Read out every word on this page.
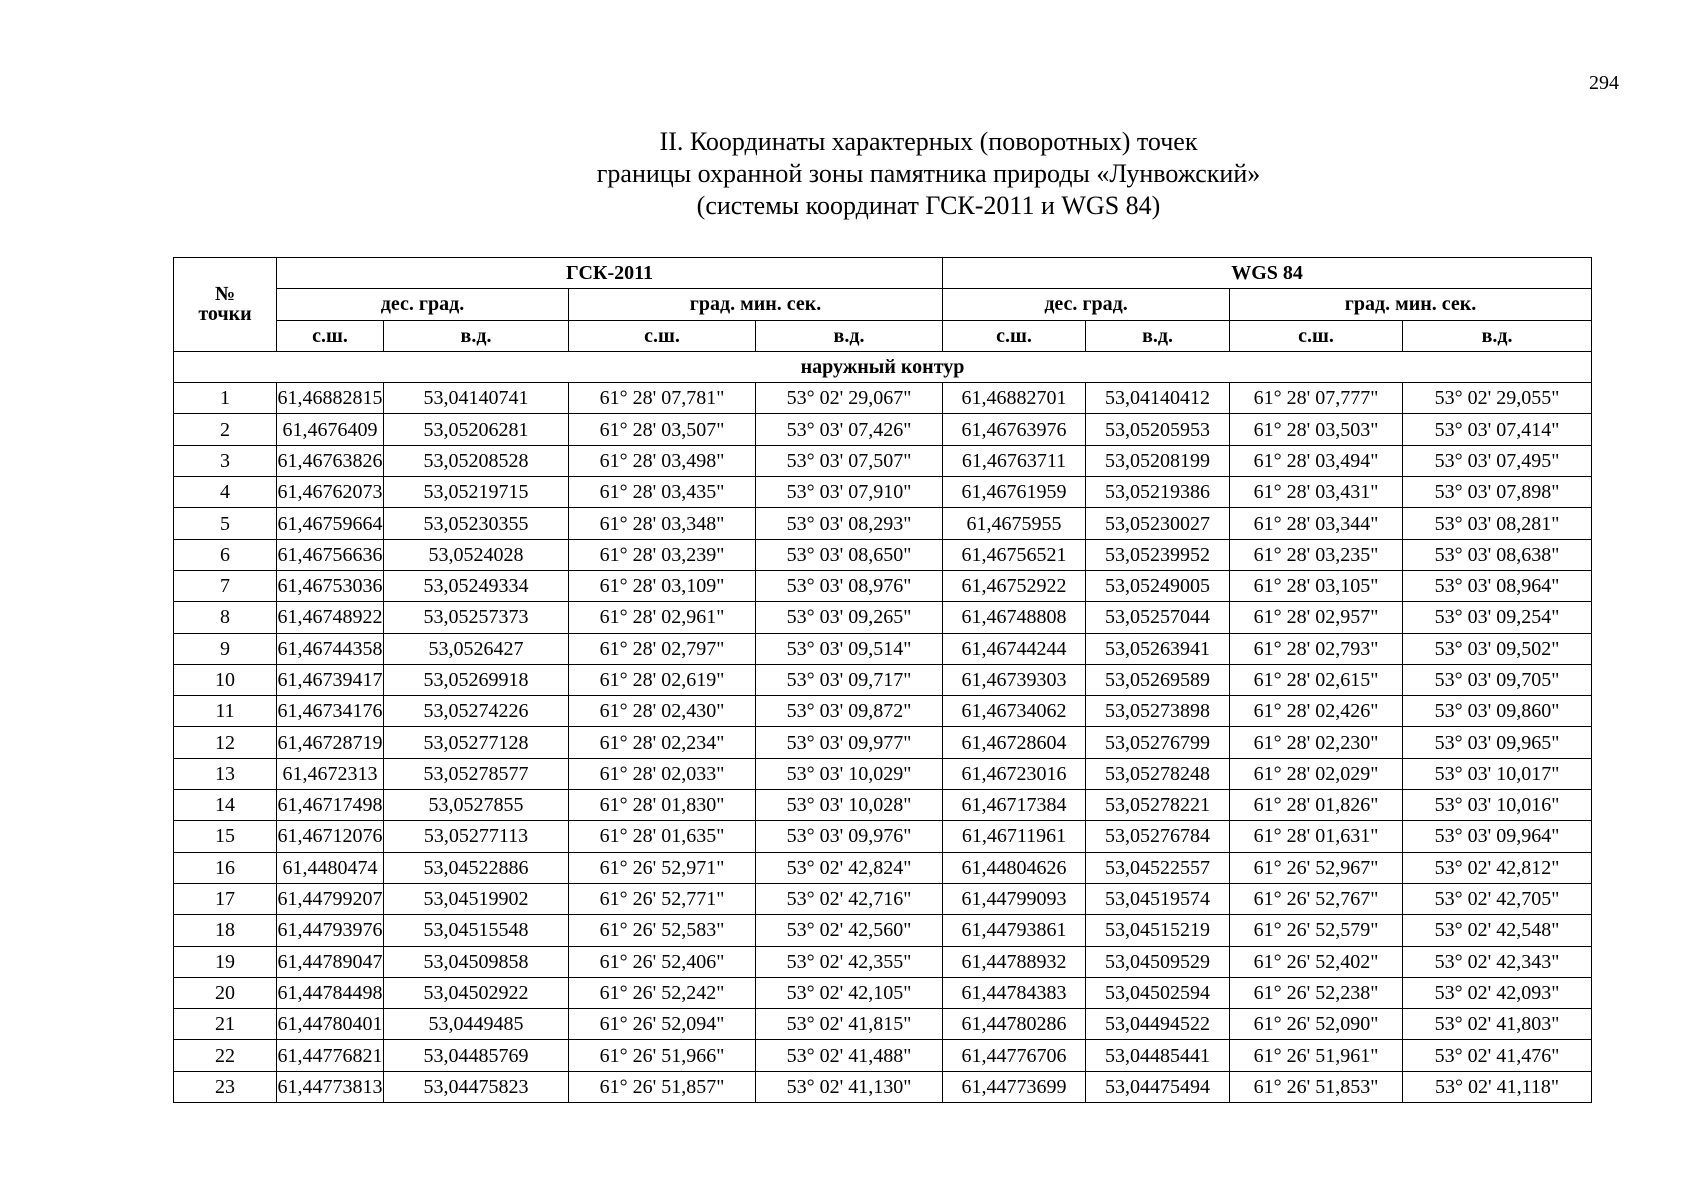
294
II. Координаты характерных (поворотных) точек
границы охранной зоны памятника природы «Лунвожский»
(системы координат ГСК-2011 и WGS 84)
№
точки	ГСК-2011				WGS 84			
	дес. град.		град. мин. сек.		дес. град.		град. мин. сек.	
	с.ш.	в.д.	с.ш.	в.д.	с.ш.	в.д.	с.ш.	в.д.
наружный контур								
1	61,46882815	53,04140741	61° 28' 07,781"	53° 02' 29,067"	61,46882701	53,04140412	61° 28' 07,777"	53° 02' 29,055"
2	61,4676409	53,05206281	61° 28' 03,507"	53° 03' 07,426"	61,46763976	53,05205953	61° 28' 03,503"	53° 03' 07,414"
3	61,46763826	53,05208528	61° 28' 03,498"	53° 03' 07,507"	61,46763711	53,05208199	61° 28' 03,494"	53° 03' 07,495"
4	61,46762073	53,05219715	61° 28' 03,435"	53° 03' 07,910"	61,46761959	53,05219386	61° 28' 03,431"	53° 03' 07,898"
5	61,46759664	53,05230355	61° 28' 03,348"	53° 03' 08,293"	61,4675955	53,05230027	61° 28' 03,344"	53° 03' 08,281"
6	61,46756636	53,0524028	61° 28' 03,239"	53° 03' 08,650"	61,46756521	53,05239952	61° 28' 03,235"	53° 03' 08,638"
7	61,46753036	53,05249334	61° 28' 03,109"	53° 03' 08,976"	61,46752922	53,05249005	61° 28' 03,105"	53° 03' 08,964"
8	61,46748922	53,05257373	61° 28' 02,961"	53° 03' 09,265"	61,46748808	53,05257044	61° 28' 02,957"	53° 03' 09,254"
9	61,46744358	53,0526427	61° 28' 02,797"	53° 03' 09,514"	61,46744244	53,05263941	61° 28' 02,793"	53° 03' 09,502"
10	61,46739417	53,05269918	61° 28' 02,619"	53° 03' 09,717"	61,46739303	53,05269589	61° 28' 02,615"	53° 03' 09,705"
11	61,46734176	53,05274226	61° 28' 02,430"	53° 03' 09,872"	61,46734062	53,05273898	61° 28' 02,426"	53° 03' 09,860"
12	61,46728719	53,05277128	61° 28' 02,234"	53° 03' 09,977"	61,46728604	53,05276799	61° 28' 02,230"	53° 03' 09,965"
13	61,4672313	53,05278577	61° 28' 02,033"	53° 03' 10,029"	61,46723016	53,05278248	61° 28' 02,029"	53° 03' 10,017"
14	61,46717498	53,0527855	61° 28' 01,830"	53° 03' 10,028"	61,46717384	53,05278221	61° 28' 01,826"	53° 03' 10,016"
15	61,46712076	53,05277113	61° 28' 01,635"	53° 03' 09,976"	61,46711961	53,05276784	61° 28' 01,631"	53° 03' 09,964"
16	61,4480474	53,04522886	61° 26' 52,971"	53° 02' 42,824"	61,44804626	53,04522557	61° 26' 52,967"	53° 02' 42,812"
17	61,44799207	53,04519902	61° 26' 52,771"	53° 02' 42,716"	61,44799093	53,04519574	61° 26' 52,767"	53° 02' 42,705"
18	61,44793976	53,04515548	61° 26' 52,583"	53° 02' 42,560"	61,44793861	53,04515219	61° 26' 52,579"	53° 02' 42,548"
19	61,44789047	53,04509858	61° 26' 52,406"	53° 02' 42,355"	61,44788932	53,04509529	61° 26' 52,402"	53° 02' 42,343"
20	61,44784498	53,04502922	61° 26' 52,242"	53° 02' 42,105"	61,44784383	53,04502594	61° 26' 52,238"	53° 02' 42,093"
21	61,44780401	53,0449485	61° 26' 52,094"	53° 02' 41,815"	61,44780286	53,04494522	61° 26' 52,090"	53° 02' 41,803"
22	61,44776821	53,04485769	61° 26' 51,966"	53° 02' 41,488"	61,44776706	53,04485441	61° 26' 51,961"	53° 02' 41,476"
23	61,44773813	53,04475823	61° 26' 51,857"	53° 02' 41,130"	61,44773699	53,04475494	61° 26' 51,853"	53° 02' 41,118"
